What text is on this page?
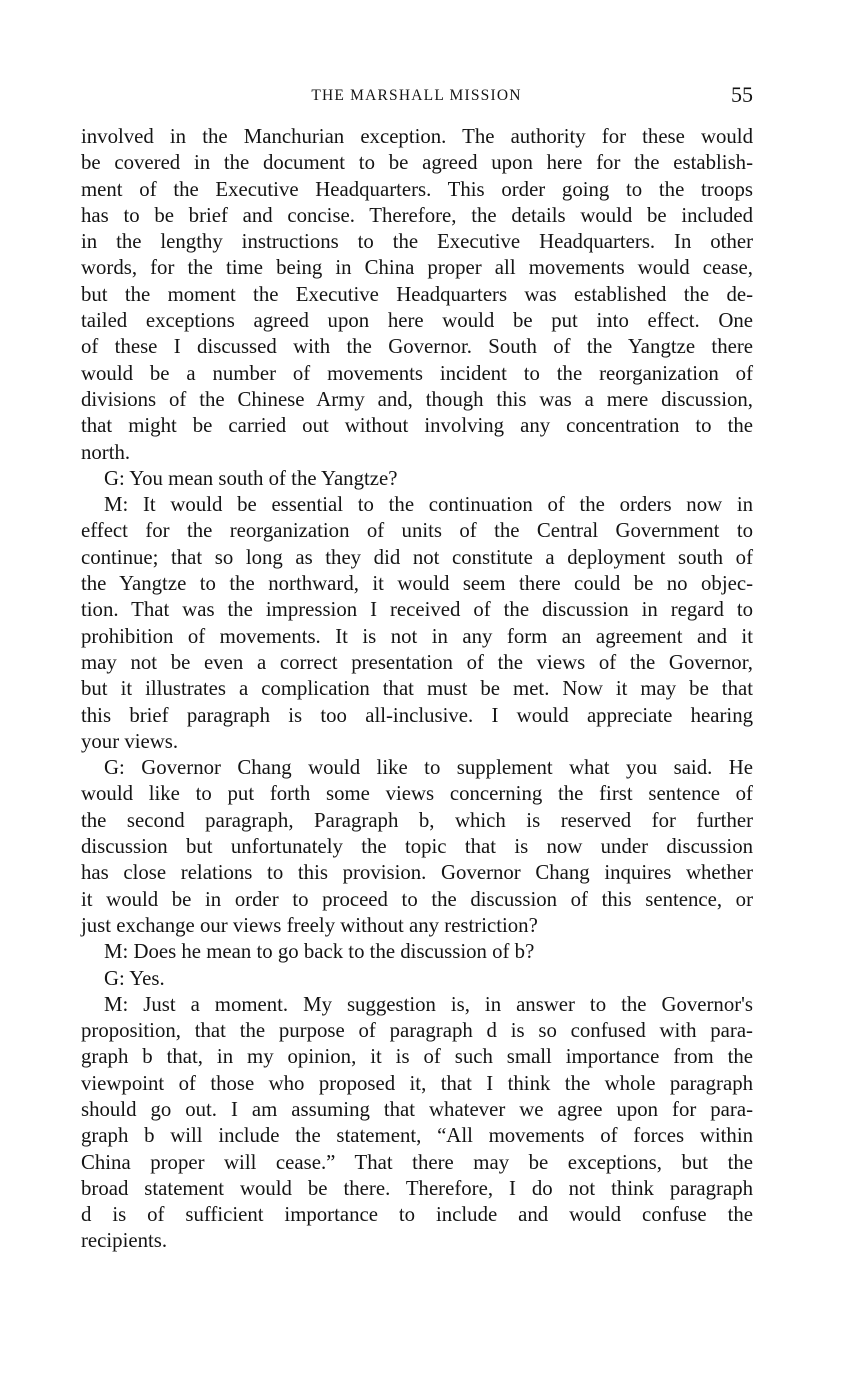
THE MARSHALL MISSION	55
involved in the Manchurian exception. The authority for these would
be covered in the document to be agreed upon here for the establish-
ment of the Executive Headquarters. This order going to the troops
has to be brief and concise. Therefore, the details would be included
in the lengthy instructions to the Executive Headquarters. In other
words, for the time being in China proper all movements would cease,
but the moment the Executive Headquarters was established the de-
tailed exceptions agreed upon here would be put into effect. One
of these I discussed with the Governor. South of the Yangtze there
would be a number of movements incident to the reorganization of
divisions of the Chinese Army and, though this was a mere discussion,
that might be carried out without involving any concentration to the
north.
G: You mean south of the Yangtze?
M: It would be essential to the continuation of the orders now in
effect for the reorganization of units of the Central Government to
continue; that so long as they did not constitute a deployment south of
the Yangtze to the northward, it would seem there could be no objec-
tion. That was the impression I received of the discussion in regard to
prohibition of movements. It is not in any form an agreement and it
may not be even a correct presentation of the views of the Governor,
but it illustrates a complication that must be met. Now it may be that
this brief paragraph is too all-inclusive. I would appreciate hearing
your views.
G: Governor Chang would like to supplement what you said. He
would like to put forth some views concerning the first sentence of
the second paragraph, Paragraph b, which is reserved for further
discussion but unfortunately the topic that is now under discussion
has close relations to this provision. Governor Chang inquires whether
it would be in order to proceed to the discussion of this sentence, or
just exchange our views freely without any restriction?
M: Does he mean to go back to the discussion of b?
G: Yes.
M: Just a moment. My suggestion is, in answer to the Governor's
proposition, that the purpose of paragraph d is so confused with para-
graph b that, in my opinion, it is of such small importance from the
viewpoint of those who proposed it, that I think the whole paragraph
should go out. I am assuming that whatever we agree upon for para-
graph b will include the statement, “All movements of forces within
China proper will cease.” That there may be exceptions, but the
broad statement would be there. Therefore, I do not think paragraph
d is of sufficient importance to include and would confuse the
recipients.
